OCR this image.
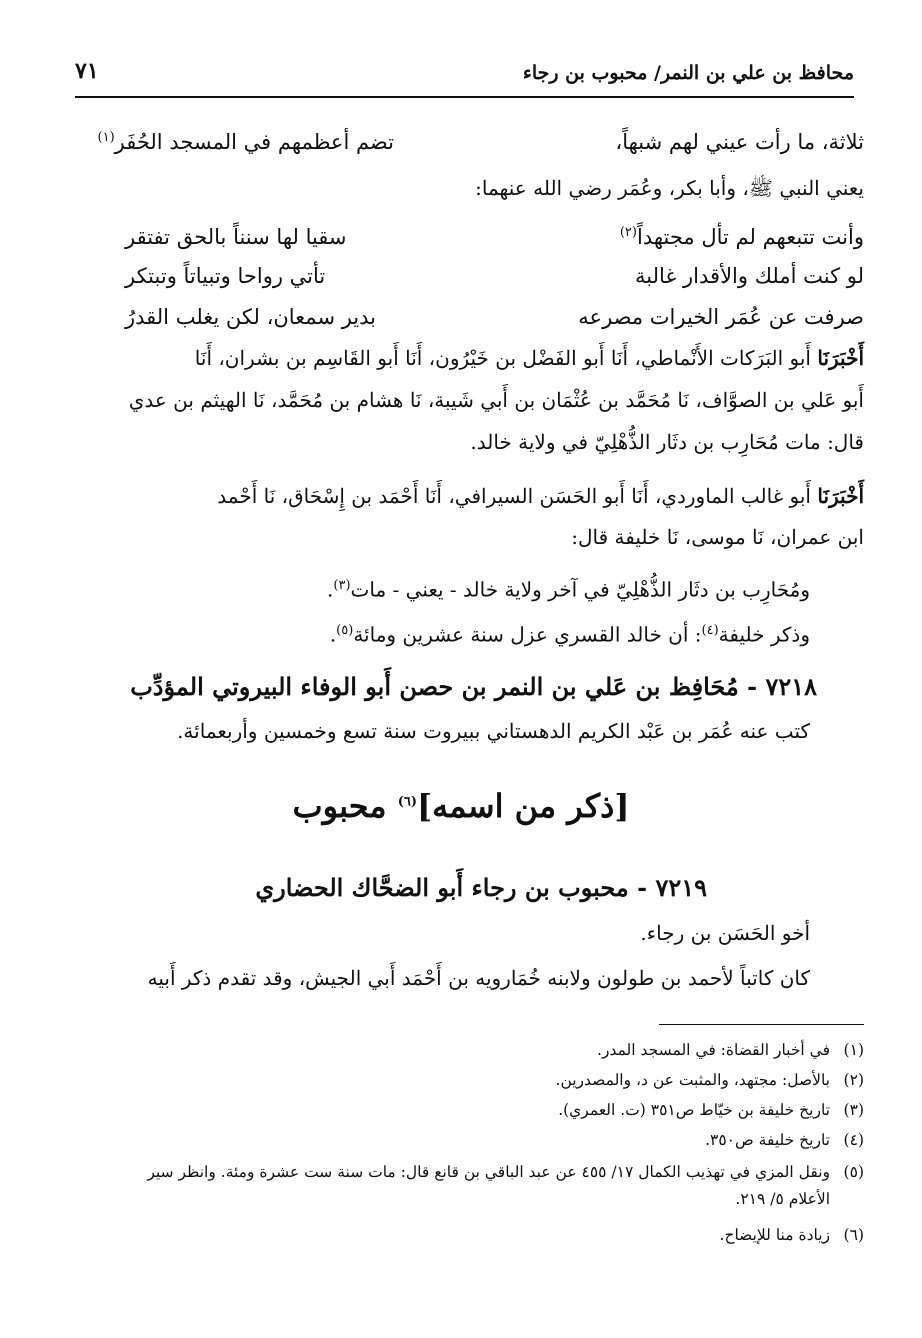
محافظ بن علي بن النمر/ محبوب بن رجاء
٧١
ثلاثة، ما رأت عيني لهم شبهاً،
تضم أعظمهم في المسجد الحُفَر$^{(١)}$
يعني النبي ﷺ، وأبا بكر، وعُمَر رضي الله عنهما:
وأنت تتبعهم لم تأل مجتهداً$^{(٢)}$
سقيا لها سنناً بالحق تفتقر
لو كنت أملك والأقدار غالبة
تأتي رواحا وتبياتاً وتبتكر
صرفت عن عُمَر الخيرات مصرعه
بدير سمعان، لكن يغلب القدرُ
أَخْبَرَنَا أَبو البَرَكات الأَنْماطي، أَنَا أَبو الفَضْل بن خَيْرُون، أَنَا أَبو القَاسِم بن بشران، أَنَا
أَبو عَلي بن الصوَّاف، نَا مُحَمَّد بن عُثْمَان بن أَبي شَيبة، نَا هشام بن مُحَمَّد، نَا الهيثم بن عدي
قال: مات مُحَارِب بن دثَار الذُّهْلِيّ في ولاية خالد.
أَخْبَرَنَا أَبو غالب الماوردي، أَنَا أَبو الحَسَن السيرافي، أَنَا أَحْمَد بن إِسْحَاق، نَا أَحْمد
ابن عمران، نَا موسى، نَا خليفة قال:
ومُحَارِب بن دثَار الذُّهْلِيّ في آخر ولاية خالد - يعني - مات$^{(٣)}$.
وذكر خليفة$^{(٤)}$: أن خالد القسري عزل سنة عشرين ومائة$^{(٥)}$.
٧٢١٨ - مُحَافِظ بن عَلي بن النمر بن حصن أَبو الوفاء البيروتي المؤدِّب
كتب عنه عُمَر بن عَبْد الكريم الدهستاني ببيروت سنة تسع وخمسين وأربعمائة.
[ذكر من اسمه]$^{(٦)}$ محبوب
٧٢١٩ - محبوب بن رجاء أَبو الضحَّاك الحضاري
أخو الحَسَن بن رجاء.
كان كاتباً لأحمد بن طولون ولابنه خُمَارويه بن أَحْمَد أَبي الجيش، وقد تقدم ذكر أَبيه
(١)في أخبار القضاة: في المسجد المدر.
(٢)بالأصل: مجتهد، والمثبت عن د، والمصدرين.
(٣)تاريخ خليفة بن خيّاط ص٣٥١ (ت. العمري).
(٤)تاريخ خليفة ص٣٥٠.
(٥)ونقل المزي في تهذيب الكمال ١٧/ ٤٥٥ عن عبد الباقي بن قانع قال: مات سنة ست عشرة ومئة. وانظر سير
الأعلام ٥/ ٢١٩.
(٦)زيادة منا للإيضاح.
